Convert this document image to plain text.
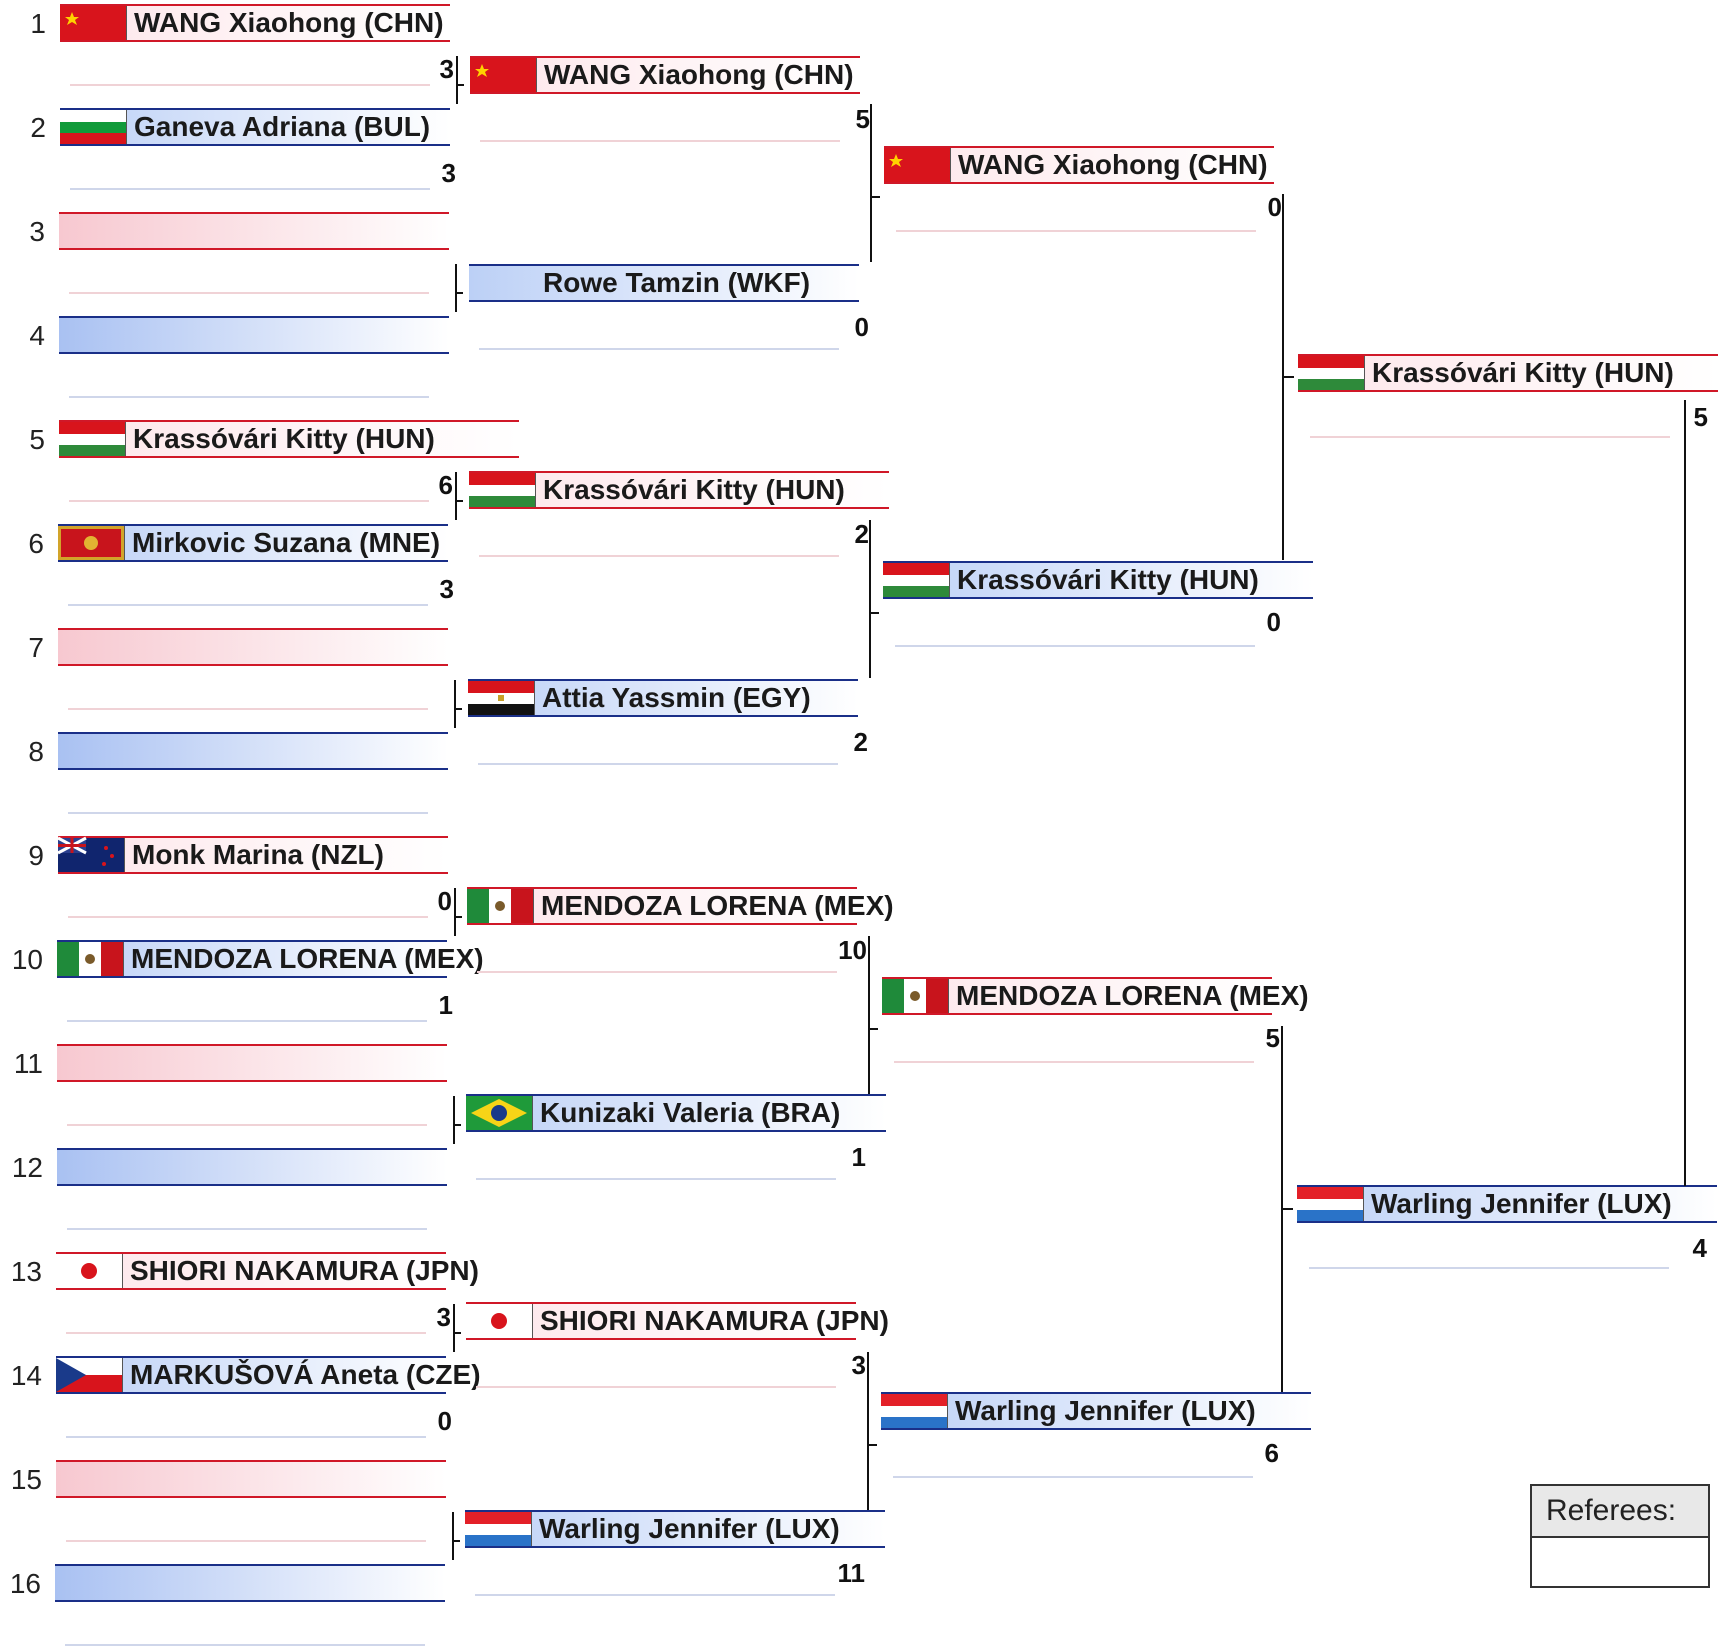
1	WANG Xiaohong (CHN)
2	Ganeva Adriana (BUL)
3
3
4
5	Krassóvári Kitty (HUN)
6	Mirkovic Suzana (MNE)
3
7
8
9	Monk Marina (NZL)
10	MENDOZA LORENA (MEX)
1
11
12
13	SHIORI NAKAMURA (JPN)
14	MARKUŠOVÁ Aneta (CZE)
0
15
16
3
6
0
3
WANG Xiaohong (CHN)
5
Rowe Tamzin (WKF)
0
Krassóvári Kitty (HUN)
2
Attia Yassmin (EGY)
2
MENDOZA LORENA (MEX)
10
Kunizaki Valeria (BRA)
1
SHIORI NAKAMURA (JPN)
3
Warling Jennifer (LUX)
11
WANG Xiaohong (CHN)
0
Krassóvári Kitty (HUN)
0
MENDOZA LORENA (MEX)
5
Warling Jennifer (LUX)
6
Krassóvári Kitty (HUN)
5
Warling Jennifer (LUX)
4
Referees:
